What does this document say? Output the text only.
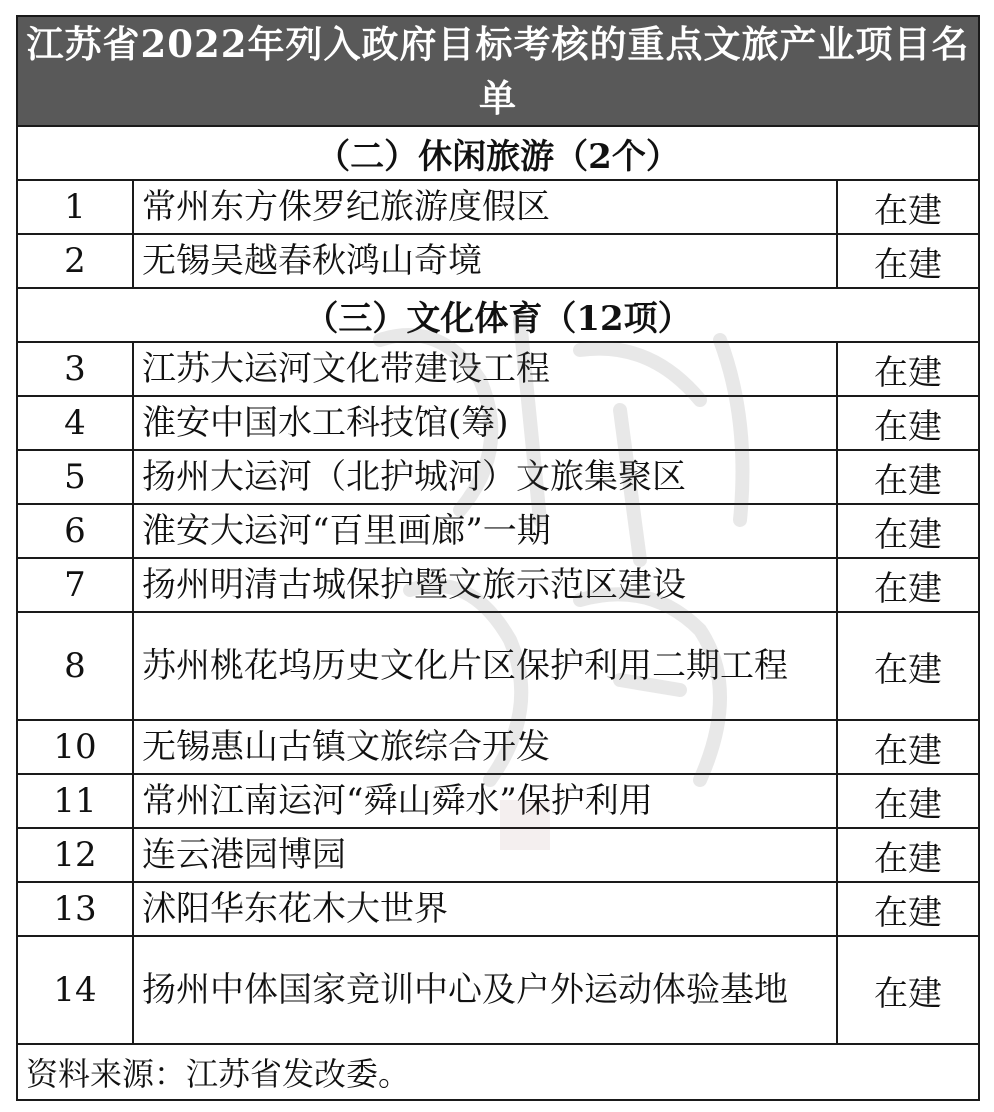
江苏省2022年列入政府目标考核的重点文旅产业项目名单		
（二）休闲旅游（2个）		
1	常州东方侏罗纪旅游度假区	在建
2	无锡吴越春秋鸿山奇境	在建
（三）文化体育（12项）		
3	江苏大运河文化带建设工程	在建
4	淮安中国水工科技馆(筹)	在建
5	扬州大运河（北护城河）文旅集聚区	在建
6	淮安大运河“百里画廊”一期	在建
7	扬州明清古城保护暨文旅示范区建设	在建
8	苏州桃花坞历史文化片区保护利用二期工程	在建
10	无锡惠山古镇文旅综合开发	在建
11	常州江南运河“舜山舜水”保护利用	在建
12	连云港园博园	在建
13	沭阳华东花木大世界	在建
14	扬州中体国家竞训中心及户外运动体验基地	在建
资料来源：江苏省发改委。		
